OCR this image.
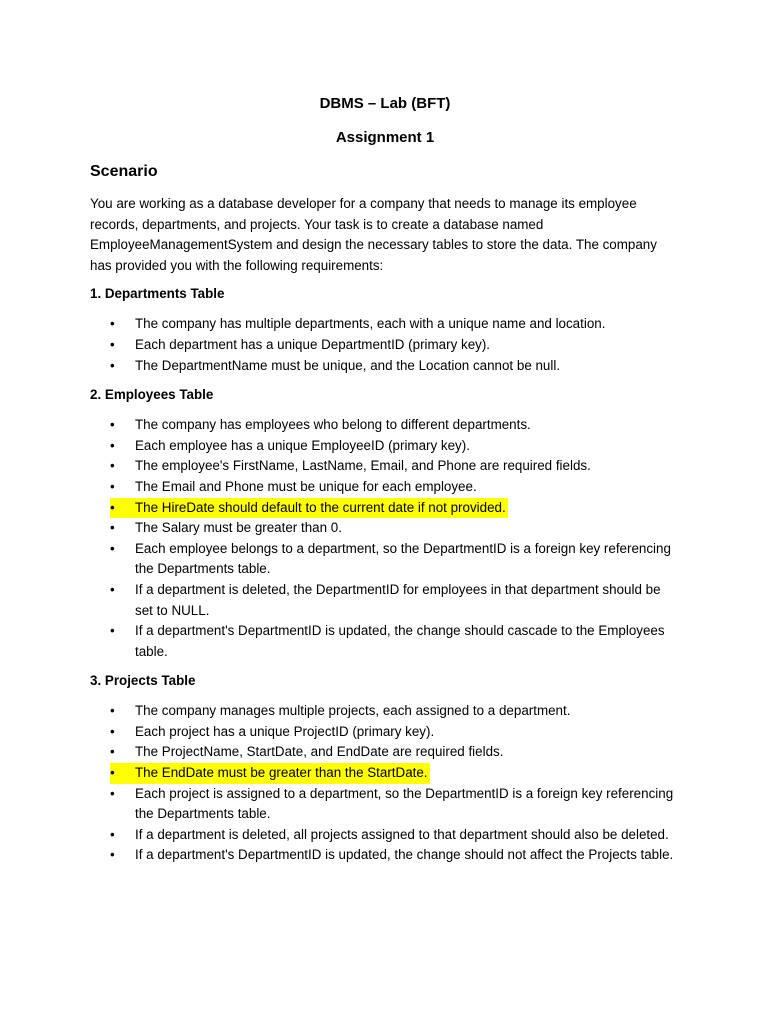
DBMS – Lab (BFT)

Assignment 1

Scenario

You are working as a database developer for a company that needs to manage its employee records, departments, and projects. Your task is to create a database named EmployeeManagementSystem and design the necessary tables to store the data. The company has provided you with the following requirements:

1. Departments Table

•	The company has multiple departments, each with a unique name and location.
•	Each department has a unique DepartmentID (primary key).
•	The DepartmentName must be unique, and the Location cannot be null.

2. Employees Table

•	The company has employees who belong to different departments.
•	Each employee has a unique EmployeeID (primary key).
•	The employee's FirstName, LastName, Email, and Phone are required fields.
•	The Email and Phone must be unique for each employee.
•	The HireDate should default to the current date if not provided.
•	The Salary must be greater than 0.
•	Each employee belongs to a department, so the DepartmentID is a foreign key referencing the Departments table.
•	If a department is deleted, the DepartmentID for employees in that department should be set to NULL.
•	If a department's DepartmentID is updated, the change should cascade to the Employees table.

3. Projects Table

•	The company manages multiple projects, each assigned to a department.
•	Each project has a unique ProjectID (primary key).
•	The ProjectName, StartDate, and EndDate are required fields.
•	The EndDate must be greater than the StartDate.
•	Each project is assigned to a department, so the DepartmentID is a foreign key referencing the Departments table.
•	If a department is deleted, all projects assigned to that department should also be deleted.
•	If a department's DepartmentID is updated, the change should not affect the Projects table.
